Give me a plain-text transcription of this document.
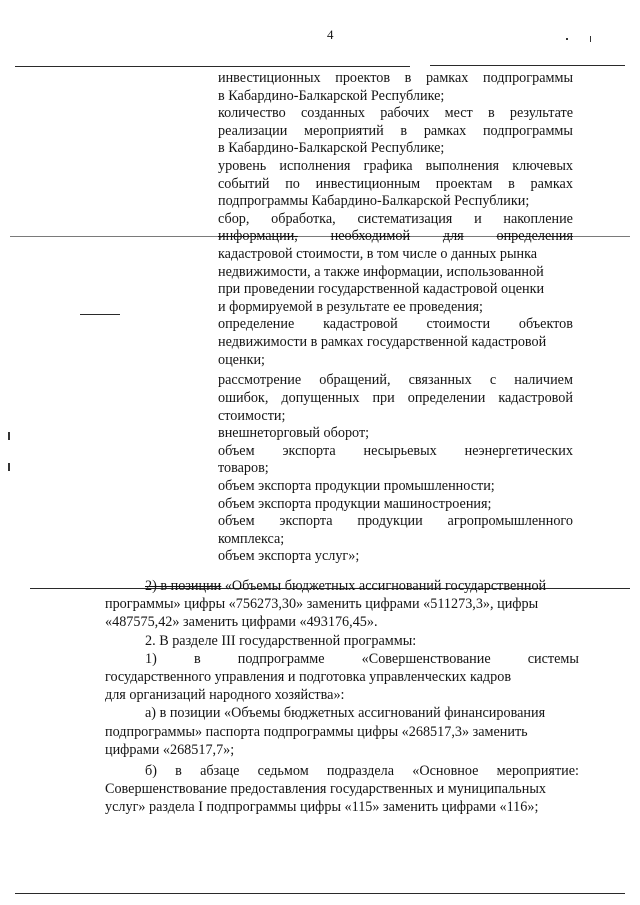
4
инвестиционных проектов в рамках подпрограммы
в Кабардино-Балкарской Республике;
количество созданных рабочих мест в результате
реализации мероприятий в рамках подпрограммы
в Кабардино-Балкарской Республике;
уровень исполнения графика выполнения ключевых
событий по инвестиционным проектам в рамках
подпрограммы Кабардино-Балкарской Республики;
сбор, обработка, систематизация и накопление
информации, необходимой для определения
кадастровой стоимости, в том числе о данных рынка
недвижимости, а также информации, использованной
при проведении государственной кадастровой оценки
и формируемой в результате ее проведения;
определение кадастровой стоимости объектов
недвижимости в рамках государственной кадастровой
оценки;
рассмотрение обращений, связанных с наличием
ошибок, допущенных при определении кадастровой
стоимости;
внешнеторговый оборот;
объем экспорта несырьевых неэнергетических
товаров;
объем экспорта продукции промышленности;
объем экспорта продукции машиностроения;
объем экспорта продукции агропромышленного
комплекса;
объем экспорта услуг»;
2) в позиции «Объемы бюджетных ассигнований государственной
программы» цифры «756273,30» заменить цифрами «511273,3», цифры
«487575,42» заменить цифрами «493176,45».
2. В разделе III государственной программы:
1)	в	подпрограмме	«Совершенствование	системы
государственного управления и подготовка управленческих кадров
для организаций народного хозяйства»:
а) в позиции «Объемы бюджетных ассигнований финансирования
подпрограммы» паспорта подпрограммы цифры «268517,3» заменить
цифрами «268517,7»;
б) в абзаце седьмом подраздела «Основное мероприятие:
Совершенствование предоставления государственных и муниципальных
услуг» раздела I подпрограммы цифры «115» заменить цифрами «116»;
